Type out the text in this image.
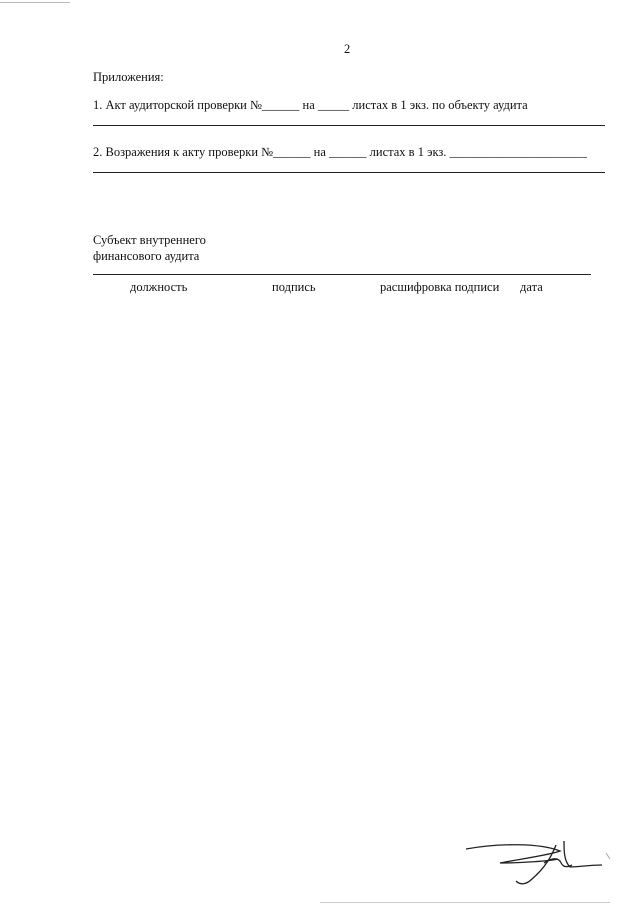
2
Приложения:
1. Акт аудиторской проверки №______ на _____ листах в 1 экз. по объекту аудита
2. Возражения к акту проверки №______ на ______ листах в 1 экз. ______________________
Субъект внутреннего
финансового аудита
должность	подпись	расшифровка подписи дата
